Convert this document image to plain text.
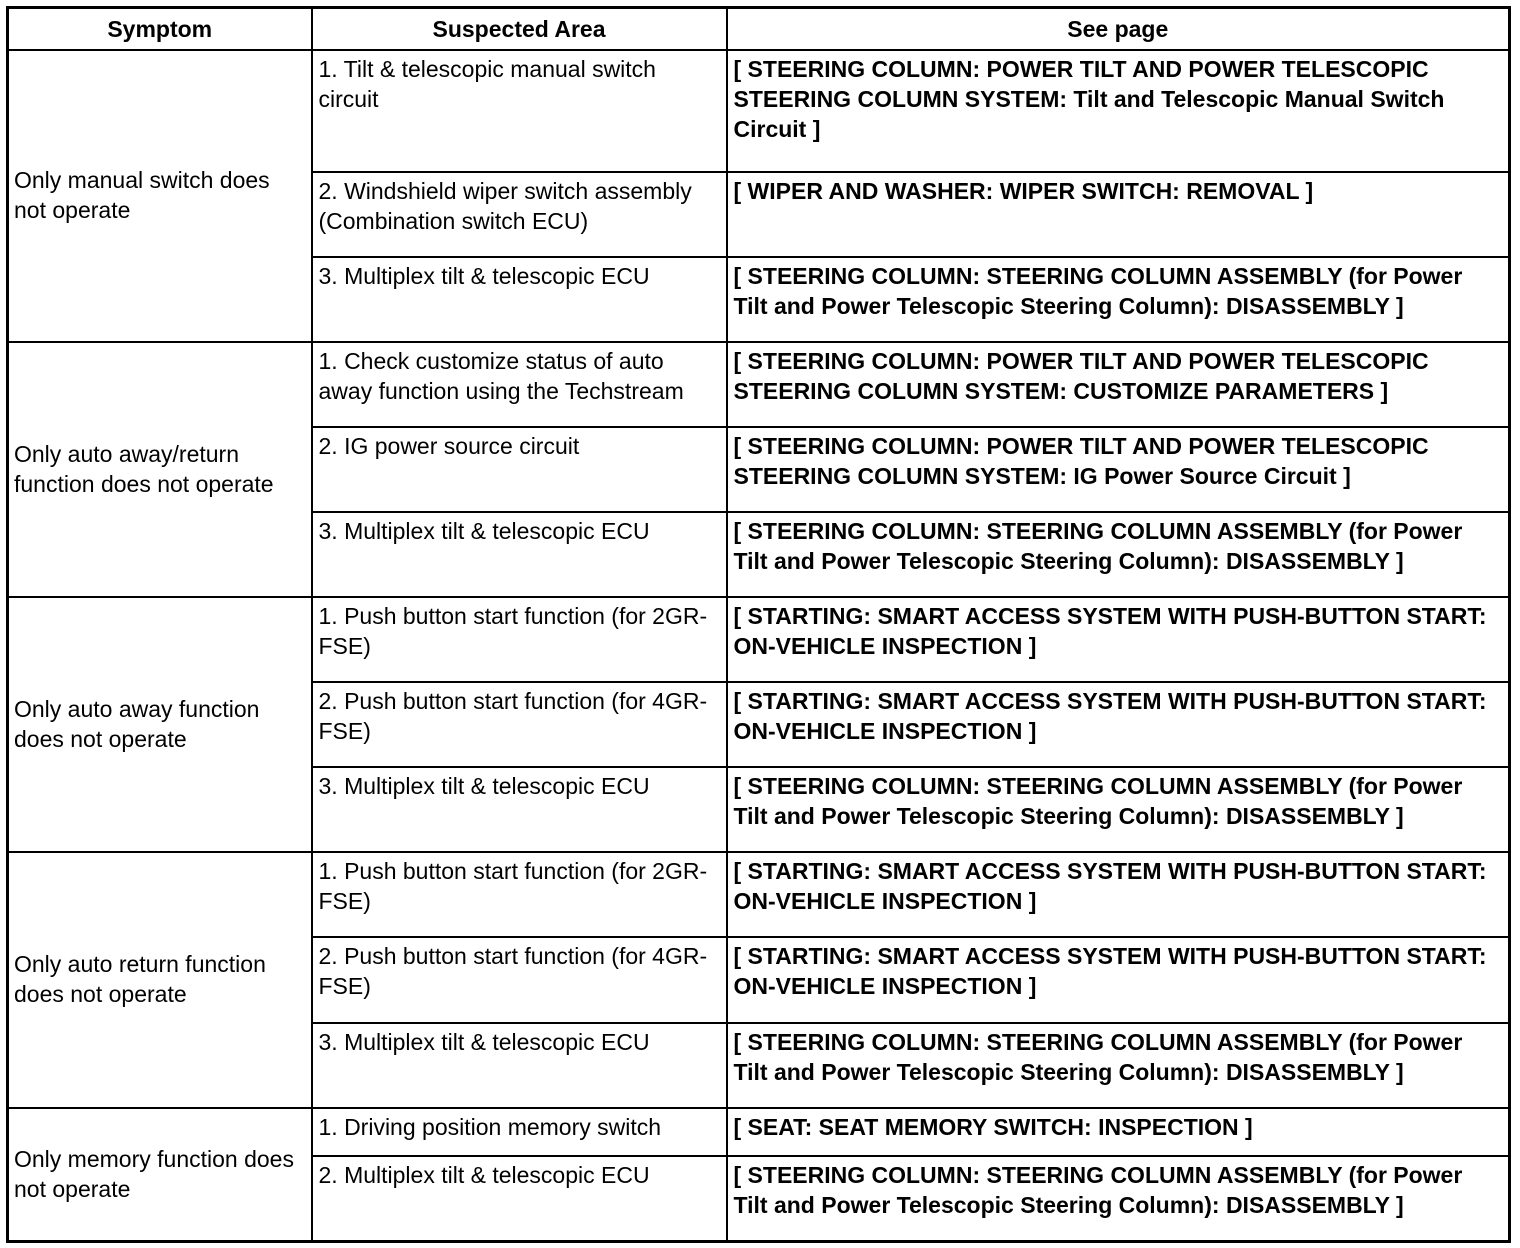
Symptom	Suspected Area	See page
Only manual switch does not operate	1. Tilt & telescopic manual switch circuit	[ STEERING COLUMN: POWER TILT AND POWER TELESCOPIC STEERING COLUMN SYSTEM: Tilt and Telescopic Manual Switch Circuit ]
	2. Windshield wiper switch assembly (Combination switch ECU)	[ WIPER AND WASHER: WIPER SWITCH: REMOVAL ]
	3. Multiplex tilt & telescopic ECU	[ STEERING COLUMN: STEERING COLUMN ASSEMBLY (for Power Tilt and Power Telescopic Steering Column): DISASSEMBLY ]
Only auto away/return function does not operate	1. Check customize status of auto away function using the Techstream	[ STEERING COLUMN: POWER TILT AND POWER TELESCOPIC STEERING COLUMN SYSTEM: CUSTOMIZE PARAMETERS ]
	2. IG power source circuit	[ STEERING COLUMN: POWER TILT AND POWER TELESCOPIC STEERING COLUMN SYSTEM: IG Power Source Circuit ]
	3. Multiplex tilt & telescopic ECU	[ STEERING COLUMN: STEERING COLUMN ASSEMBLY (for Power Tilt and Power Telescopic Steering Column): DISASSEMBLY ]
Only auto away function does not operate	1. Push button start function (for 2GR-FSE)	[ STARTING: SMART ACCESS SYSTEM WITH PUSH-BUTTON START: ON-VEHICLE INSPECTION ]
	2. Push button start function (for 4GR-FSE)	[ STARTING: SMART ACCESS SYSTEM WITH PUSH-BUTTON START: ON-VEHICLE INSPECTION ]
	3. Multiplex tilt & telescopic ECU	[ STEERING COLUMN: STEERING COLUMN ASSEMBLY (for Power Tilt and Power Telescopic Steering Column): DISASSEMBLY ]
Only auto return function does not operate	1. Push button start function (for 2GR-FSE)	[ STARTING: SMART ACCESS SYSTEM WITH PUSH-BUTTON START: ON-VEHICLE INSPECTION ]
	2. Push button start function (for 4GR-FSE)	[ STARTING: SMART ACCESS SYSTEM WITH PUSH-BUTTON START: ON-VEHICLE INSPECTION ]
	3. Multiplex tilt & telescopic ECU	[ STEERING COLUMN: STEERING COLUMN ASSEMBLY (for Power Tilt and Power Telescopic Steering Column): DISASSEMBLY ]
Only memory function does not operate	1. Driving position memory switch	[ SEAT: SEAT MEMORY SWITCH: INSPECTION ]
	2. Multiplex tilt & telescopic ECU	[ STEERING COLUMN: STEERING COLUMN ASSEMBLY (for Power Tilt and Power Telescopic Steering Column): DISASSEMBLY ]
